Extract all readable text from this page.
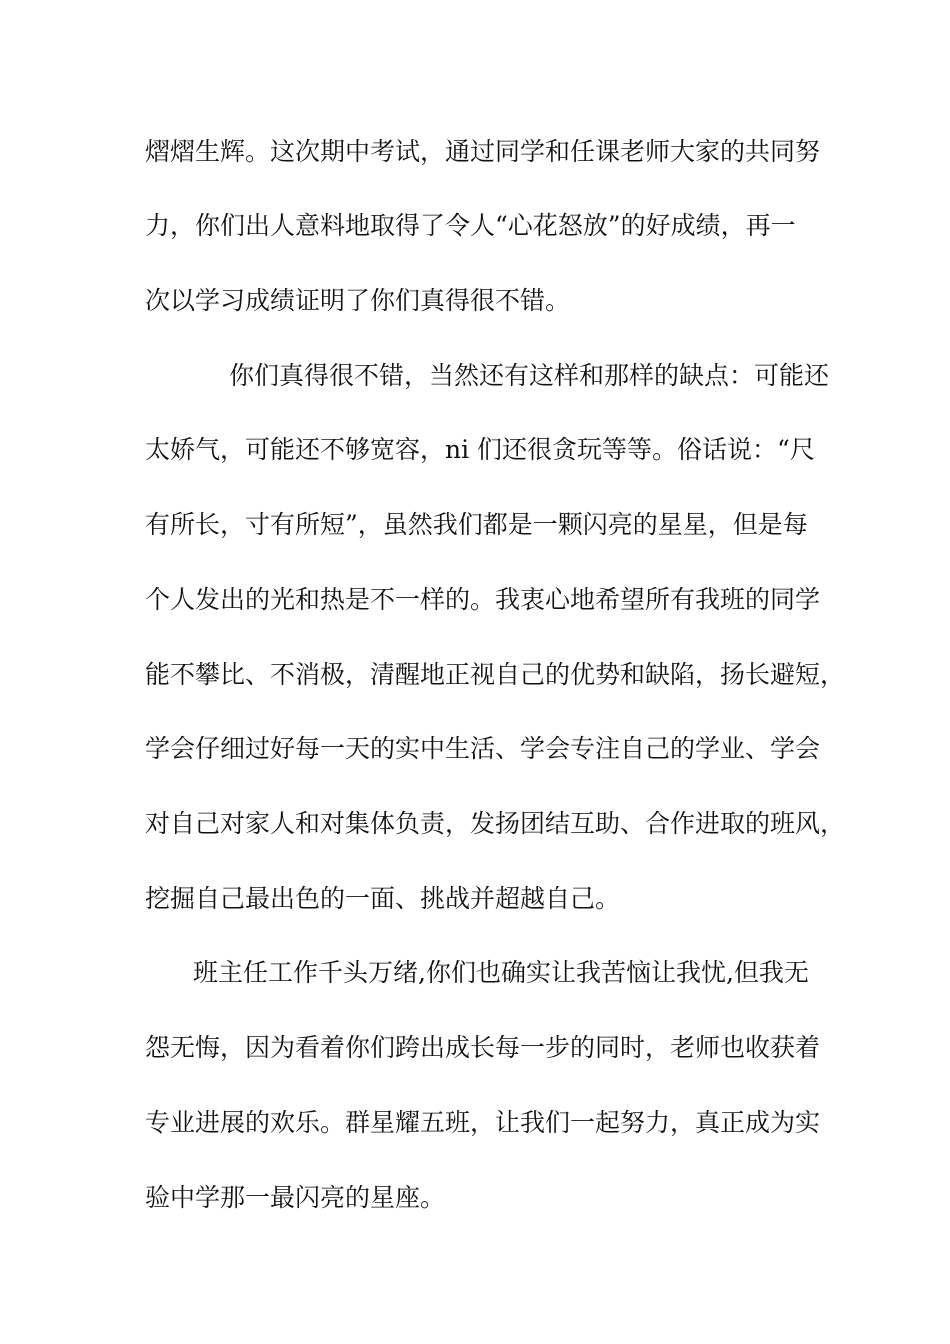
熠熠生辉。这次期中考试，通过同学和任课老师大家的共同努
力，你们出人意料地取得了令人“心花怒放”的好成绩，再一
次以学习成绩证明了你们真得很不错。
你们真得很不错，当然还有这样和那样的缺点：可能还
太娇气，可能还不够宽容，ni 们还很贪玩等等。俗话说：“尺
有所长，寸有所短”，虽然我们都是一颗闪亮的星星，但是每
个人发出的光和热是不一样的。我衷心地希望所有我班的同学
能不攀比、不消极，清醒地正视自己的优势和缺陷，扬长避短，
学会仔细过好每一天的实中生活、学会专注自己的学业、学会
对自己对家人和对集体负责，发扬团结互助、合作进取的班风，
挖掘自己最出色的一面、挑战并超越自己。
班主任工作千头万绪,你们也确实让我苦恼让我忧,但我无
怨无悔，因为看着你们跨出成长每一步的同时，老师也收获着
专业进展的欢乐。群星耀五班，让我们一起努力，真正成为实
验中学那一最闪亮的星座。
